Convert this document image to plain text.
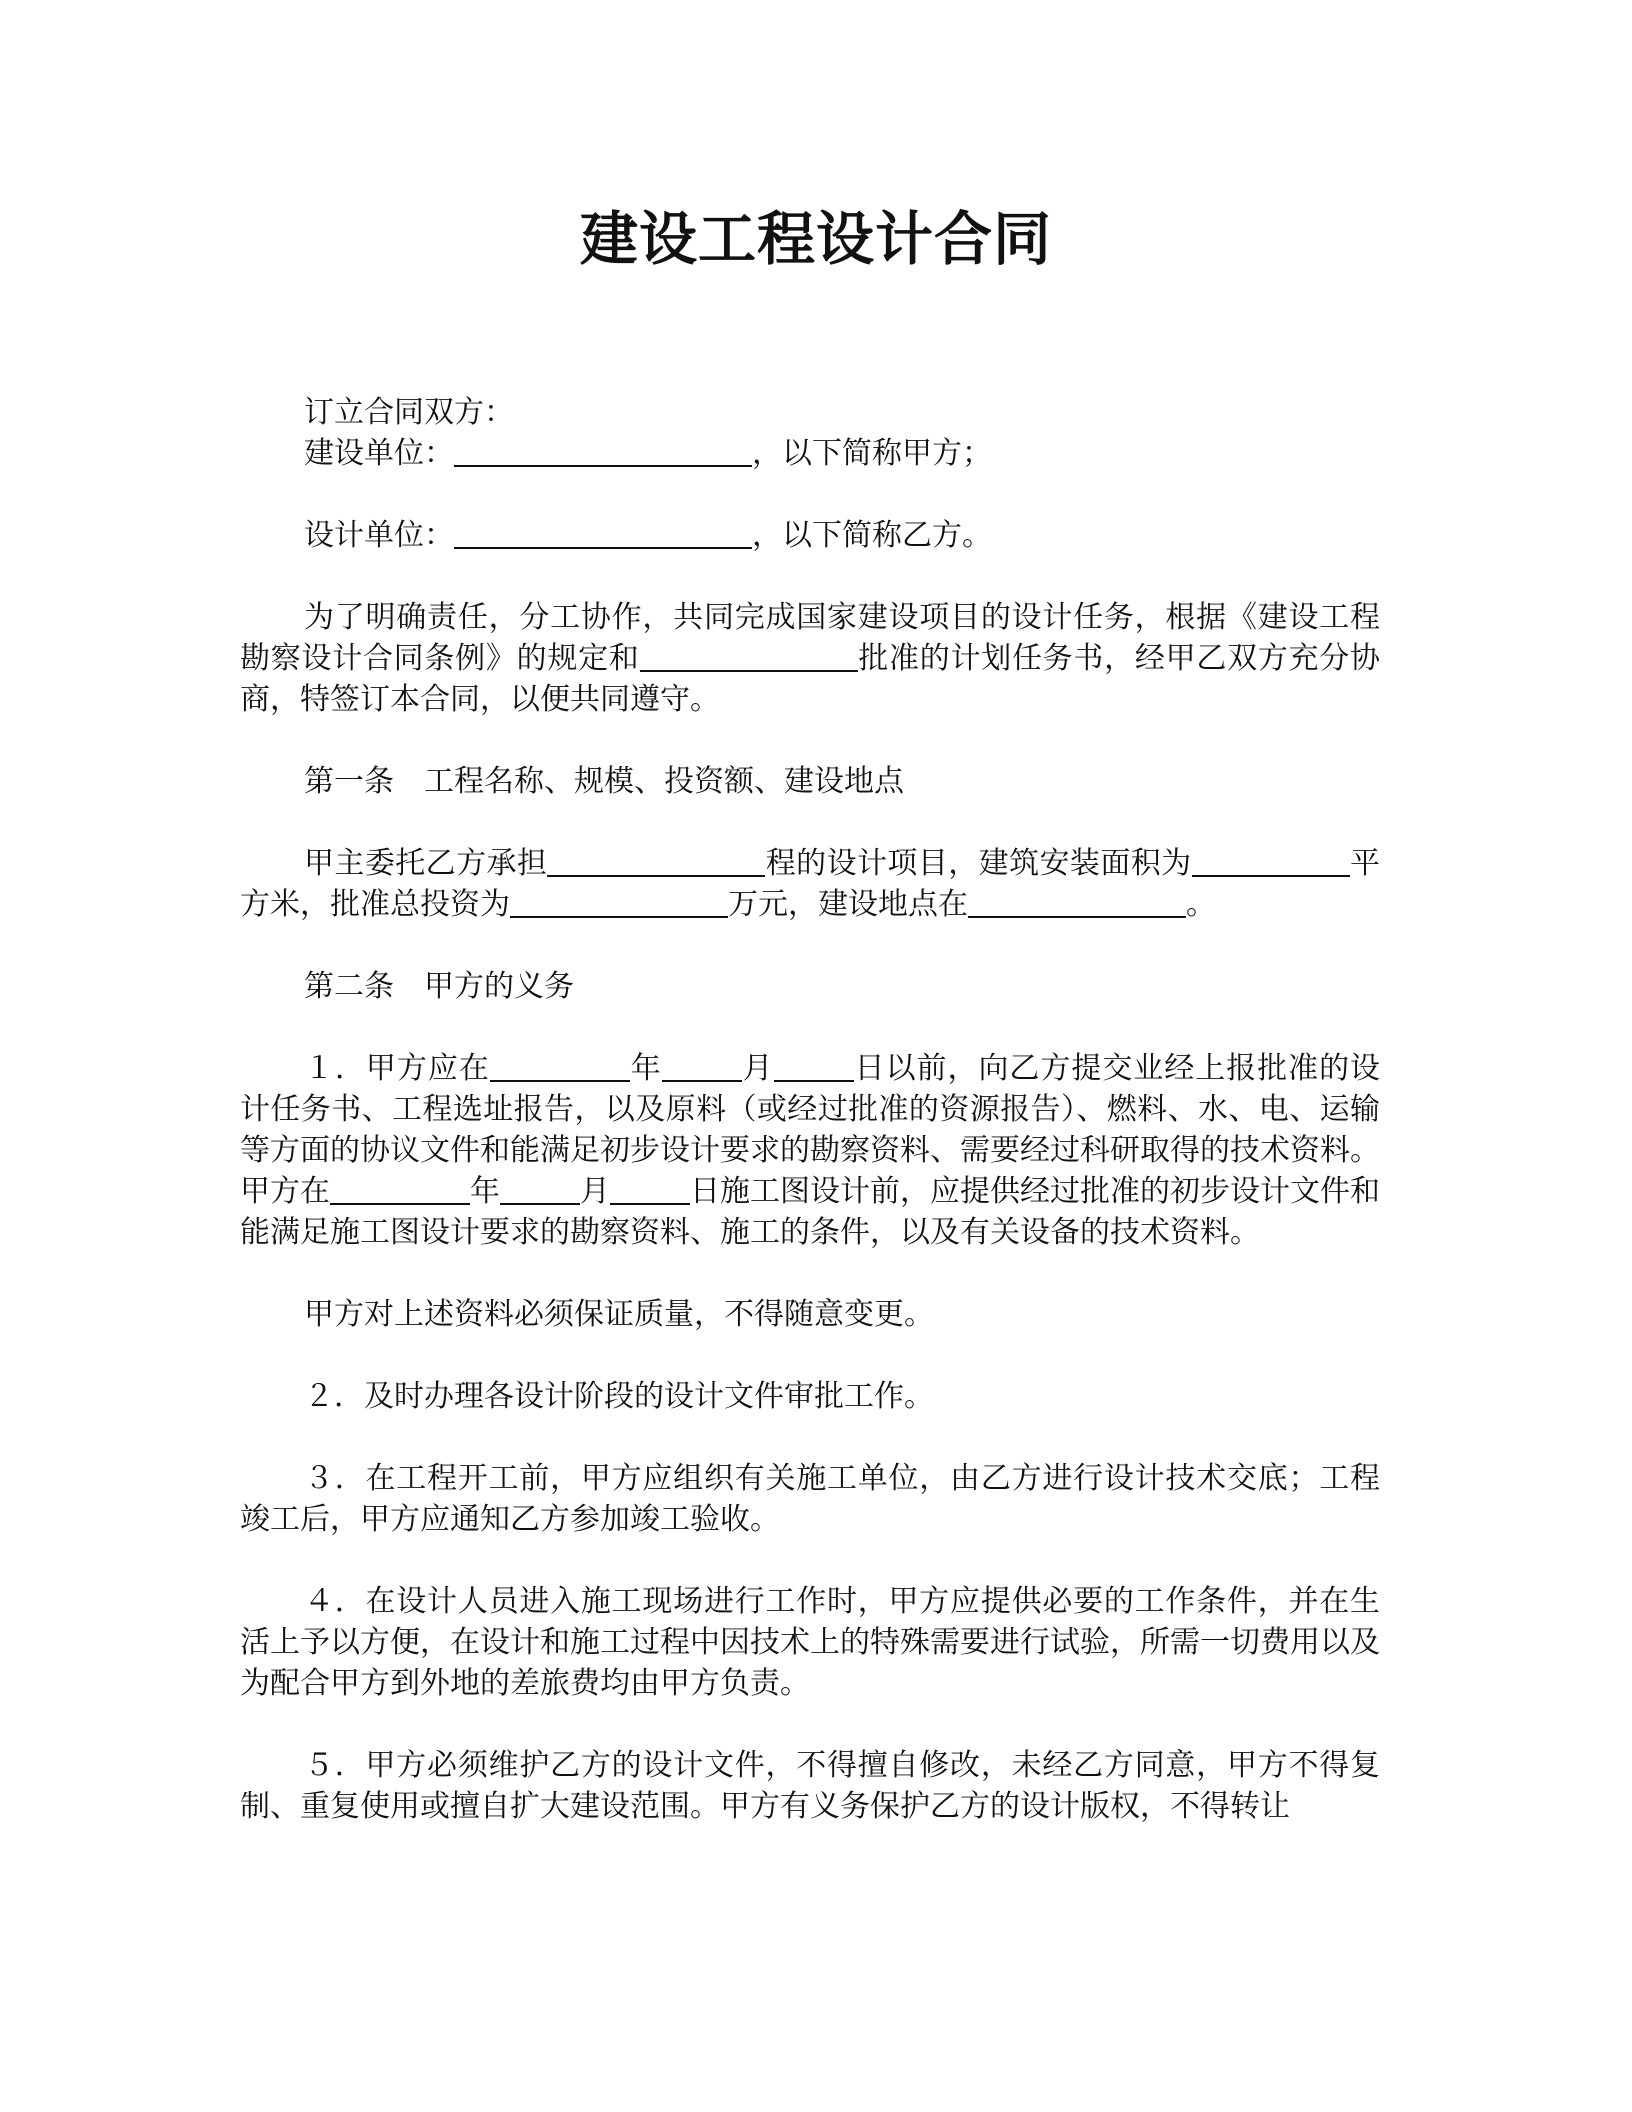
建设工程设计合同

订立合同双方：

建设单位：	，以下简称甲方；

设计单位：	，以下简称乙方。

为了明确责任，分工协作，共同完成国家建设项目的设计任务，根据《建设工程勘察设计合同条例》的规定和	批准的计划任务书，经甲乙双方充分协商，特签订本合同，以便共同遵守。

第一条 工程名称、规模、投资额、建设地点

甲主委托乙方承担	程的设计项目，建筑安装面积为	平方米，批准总投资为	万元，建设地点在	。

第二条 甲方的义务

１．甲方应在	年	月	日以前，向乙方提交业经上报批准的设计任务书、工程选址报告，以及原料（或经过批准的资源报告）、燃料、水、电、运输等方面的协议文件和能满足初步设计要求的勘察资料、需要经过科研取得的技术资料。甲方在	年	月	日施工图设计前，应提供经过批准的初步设计文件和能满足施工图设计要求的勘察资料、施工的条件，以及有关设备的技术资料。

甲方对上述资料必须保证质量，不得随意变更。

２．及时办理各设计阶段的设计文件审批工作。

３．在工程开工前，甲方应组织有关施工单位，由乙方进行设计技术交底；工程竣工后，甲方应通知乙方参加竣工验收。

４．在设计人员进入施工现场进行工作时，甲方应提供必要的工作条件，并在生活上予以方便，在设计和施工过程中因技术上的特殊需要进行试验，所需一切费用以及为配合甲方到外地的差旅费均由甲方负责。

５．甲方必须维护乙方的设计文件，不得擅自修改，未经乙方同意，甲方不得复制、重复使用或擅自扩大建设范围。甲方有义务保护乙方的设计版权，不得转让
